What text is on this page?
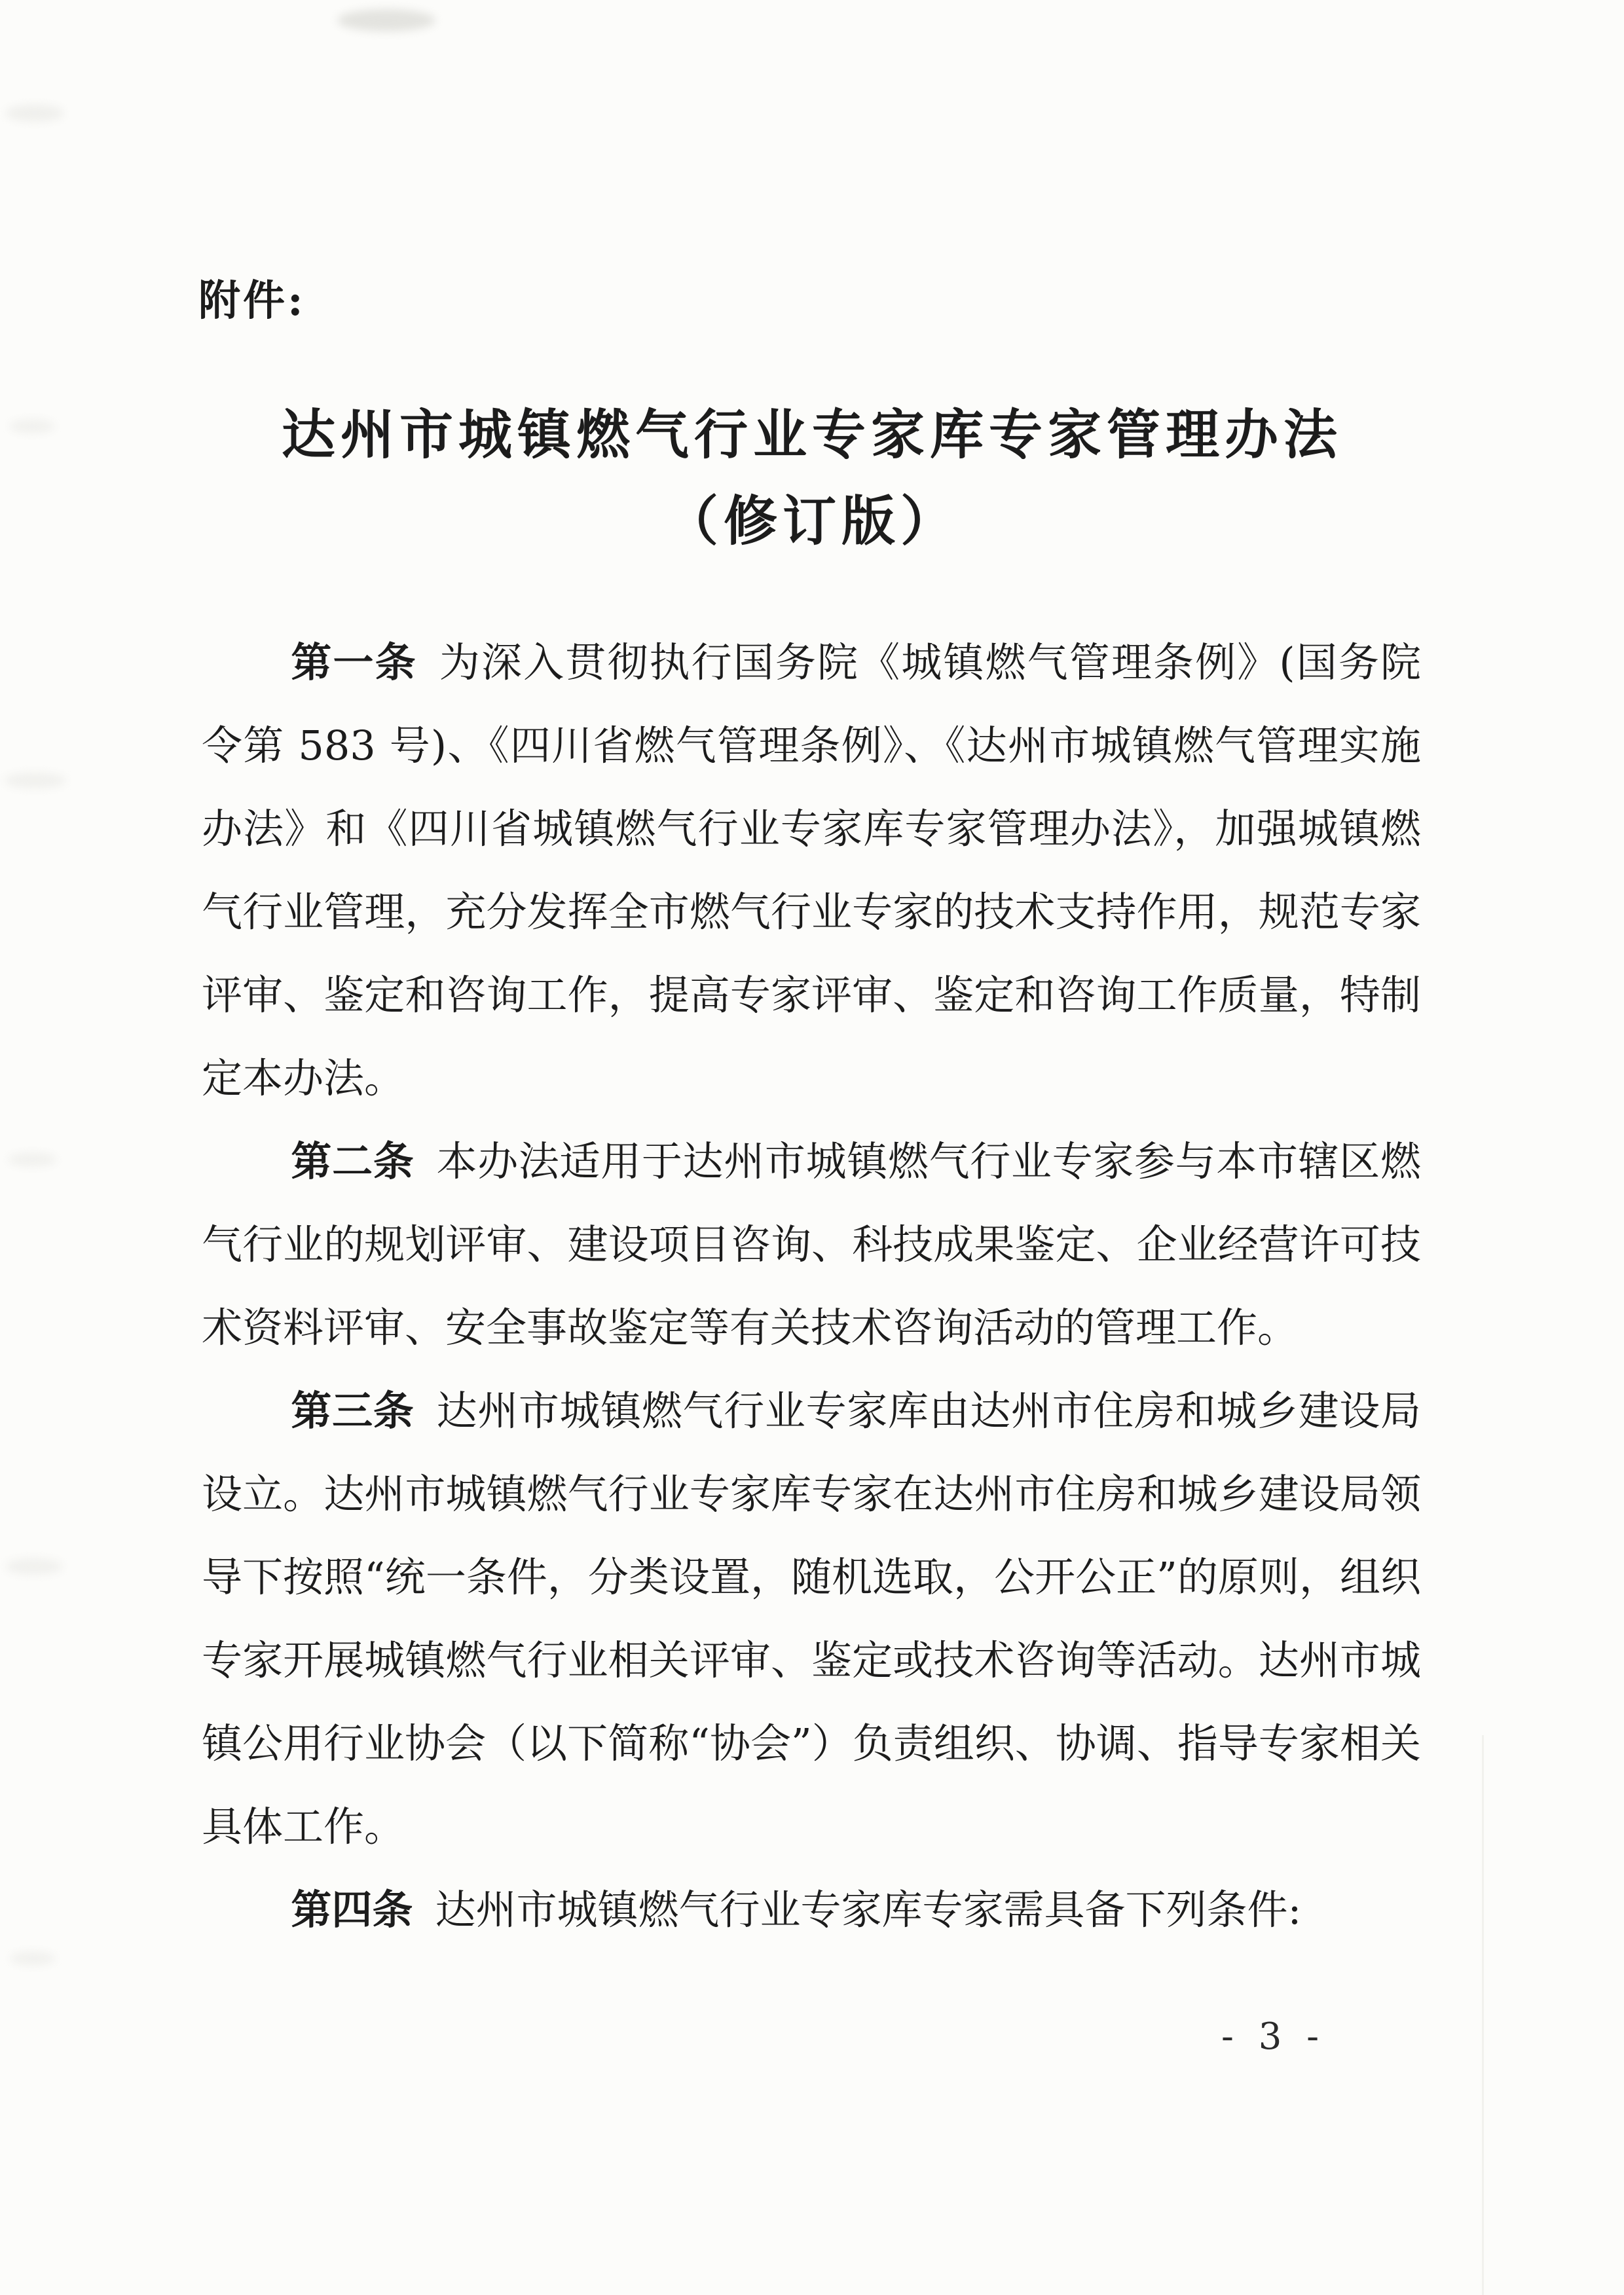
附件:
达州市城镇燃气行业专家库专家管理办法
（修订版）

第一条 为深入贯彻执行国务院《城镇燃气管理条例》(国务院令第 583 号)、《四川省燃气管理条例》、《达州市城镇燃气管理实施办法》和《四川省城镇燃气行业专家库专家管理办法》，加强城镇燃气行业管理，充分发挥全市燃气行业专家的技术支持作用，规范专家评审、鉴定和咨询工作，提高专家评审、鉴定和咨询工作质量，特制定本办法。

第二条 本办法适用于达州市城镇燃气行业专家参与本市辖区燃气行业的规划评审、建设项目咨询、科技成果鉴定、企业经营许可技术资料评审、安全事故鉴定等有关技术咨询活动的管理工作。

第三条 达州市城镇燃气行业专家库由达州市住房和城乡建设局设立。达州市城镇燃气行业专家库专家在达州市住房和城乡建设局领导下按照“统一条件，分类设置，随机选取，公开公正”的原则，组织专家开展城镇燃气行业相关评审、鉴定或技术咨询等活动。达州市城镇公用行业协会（以下简称“协会”）负责组织、协调、指导专家相关具体工作。

第四条 达州市城镇燃气行业专家库专家需具备下列条件:

- 3 -
